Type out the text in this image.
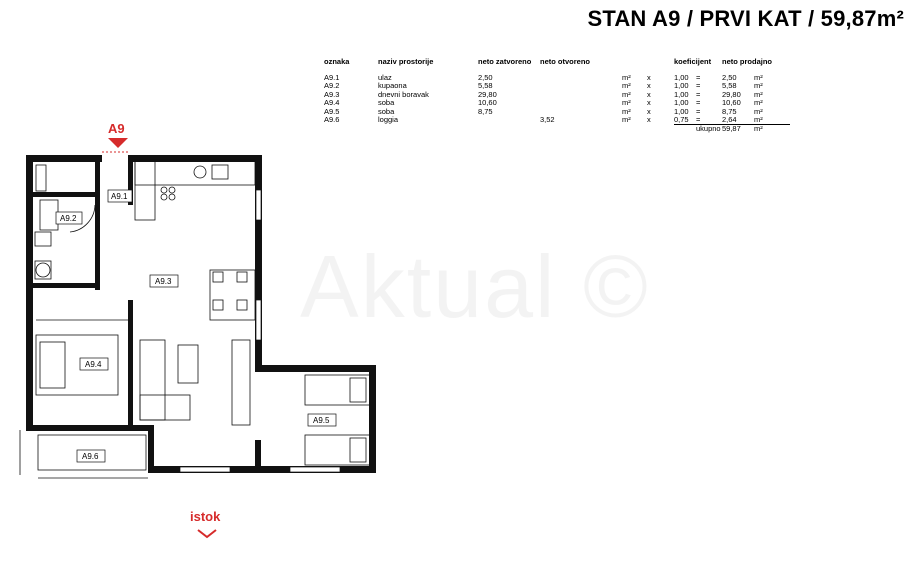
STAN A9 / PRVI KAT / 59,87m²
oznaka	naziv prostorije	neto zatvoreno	neto otvoreno			koeficijent		neto prodajno	
A9.1	ulaz	2,50		m²	x	1,00	=	2,50	m²
A9.2	kupaona	5,58		m²	x	1,00	=	5,58	m²
A9.3	dnevni boravak	29,80		m²	x	1,00	=	29,80	m²
A9.4	soba	10,60		m²	x	1,00	=	10,60	m²
A9.5	soba	8,75		m²	x	1,00	=	8,75	m²
A9.6	loggia		3,52	m²	x	0,75	=	2,64	m²
							ukupno	59,87	m²
A9
A9.1
A9.2
A9.3
A9.4
A9.5
A9.6
istok
